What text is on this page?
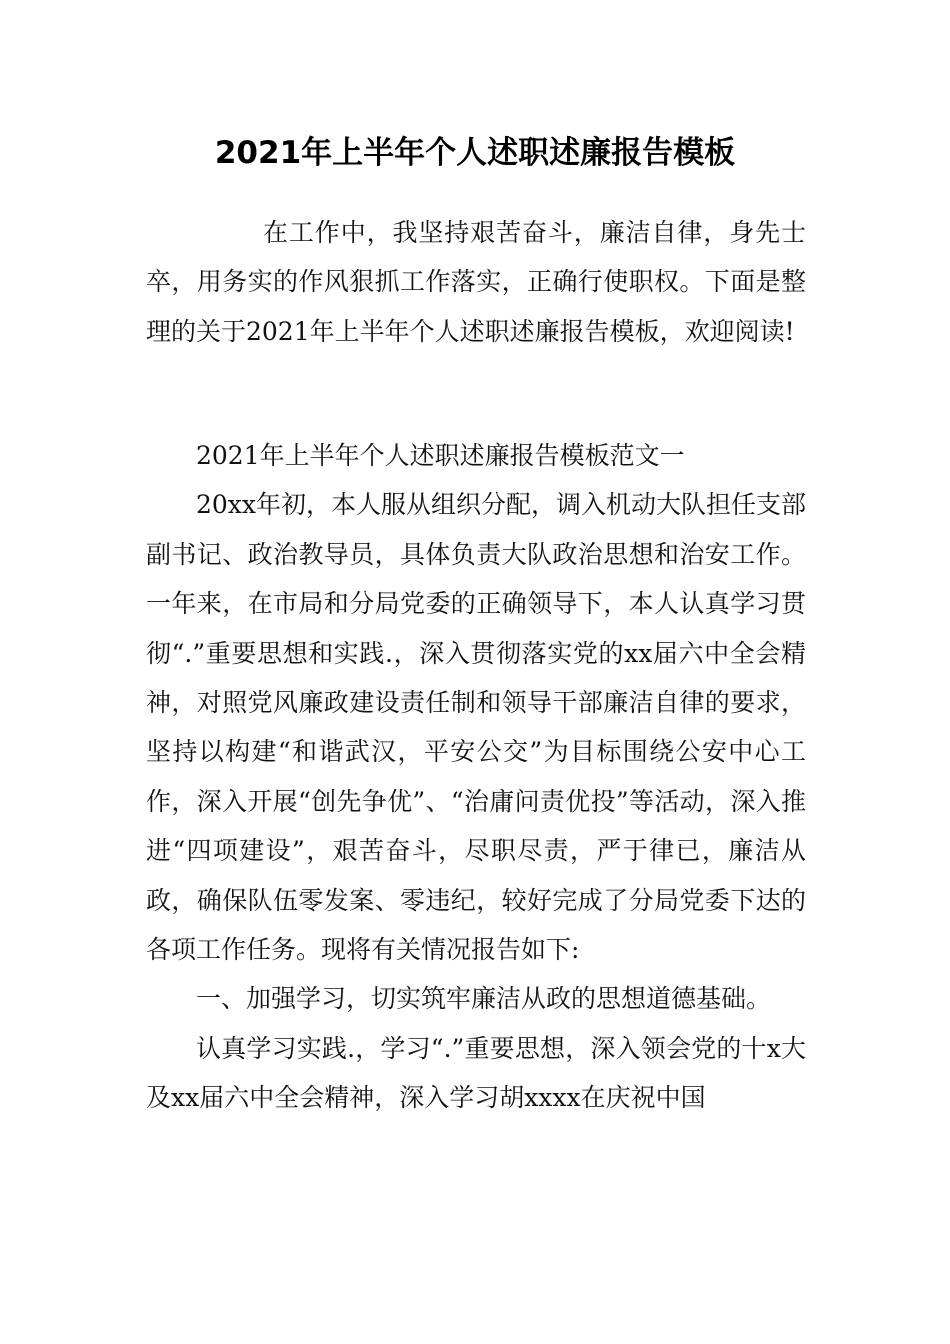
2021年上半年个人述职述廉报告模板

在工作中，我坚持艰苦奋斗，廉洁自律，身先士卒，用务实的作风狠抓工作落实，正确行使职权。下面是整理的关于2021年上半年个人述职述廉报告模板，欢迎阅读!

2021年上半年个人述职述廉报告模板范文一

20xx年初，本人服从组织分配，调入机动大队担任支部副书记、政治教导员，具体负责大队政治思想和治安工作。一年来，在市局和分局党委的正确领导下，本人认真学习贯彻“.”重要思想和实践.，深入贯彻落实党的xx届六中全会精神，对照党风廉政建设责任制和领导干部廉洁自律的要求，坚持以构建“和谐武汉，平安公交”为目标围绕公安中心工作，深入开展“创先争优”、“治庸问责优投”等活动，深入推进“四项建设”，艰苦奋斗，尽职尽责，严于律已，廉洁从政，确保队伍零发案、零违纪，较好完成了分局党委下达的各项工作任务。现将有关情况报告如下:

一、加强学习，切实筑牢廉洁从政的思想道德基础。

认真学习实践.，学习“.”重要思想，深入领会党的十x大及xx届六中全会精神，深入学习胡xxxx在庆祝中国
